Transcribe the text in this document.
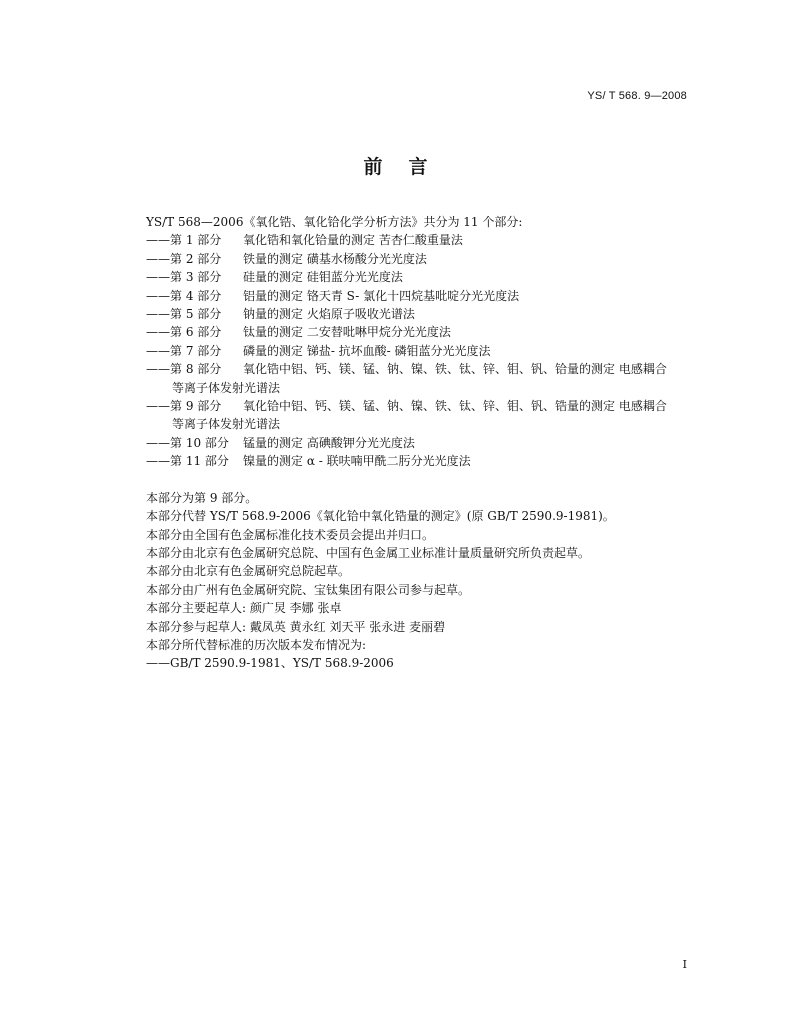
YS/ T 568. 9—2008
前 言
YS/T 568—2006《氧化锆、氧化铪化学分析方法》共分为 11 个部分:
——第 1 部分	氧化锆和氧化铪量的测定 苦杏仁酸重量法
——第 2 部分	铁量的测定 磺基水杨酸分光光度法
——第 3 部分	硅量的测定 硅钼蓝分光光度法
——第 4 部分	铝量的测定 铬天青 S- 氯化十四烷基吡啶分光光度法
——第 5 部分	钠量的测定 火焰原子吸收光谱法
——第 6 部分	钛量的测定 二安替吡啉甲烷分光光度法
——第 7 部分	磷量的测定 锑盐- 抗坏血酸- 磷钼蓝分光光度法
——第 8 部分	氧化锆中铝、钙、镁、锰、钠、镍、铁、钛、锌、钼、钒、铪量的测定 电感耦合
等离子体发射光谱法
——第 9 部分	氧化铪中铝、钙、镁、锰、钠、镍、铁、钛、锌、钼、钒、锆量的测定 电感耦合
等离子体发射光谱法
——第 10 部分 锰量的测定 高碘酸钾分光光度法
——第 11 部分 镍量的测定 α - 联呋喃甲酰二肟分光光度法
本部分为第 9 部分。
本部分代替 YS/T 568.9-2006《氧化铪中氧化锆量的测定》(原 GB/T 2590.9-1981)。
本部分由全国有色金属标准化技术委员会提出并归口。
本部分由北京有色金属研究总院、中国有色金属工业标准计量质量研究所负责起草。
本部分由北京有色金属研究总院起草。
本部分由广州有色金属研究院、宝钛集团有限公司参与起草。
本部分主要起草人: 颜广炅 李娜 张卓
本部分参与起草人: 戴凤英 黄永红 刘天平 张永进 麦丽碧
本部分所代替标准的历次版本发布情况为:
——GB/T 2590.9-1981、YS/T 568.9-2006
I
